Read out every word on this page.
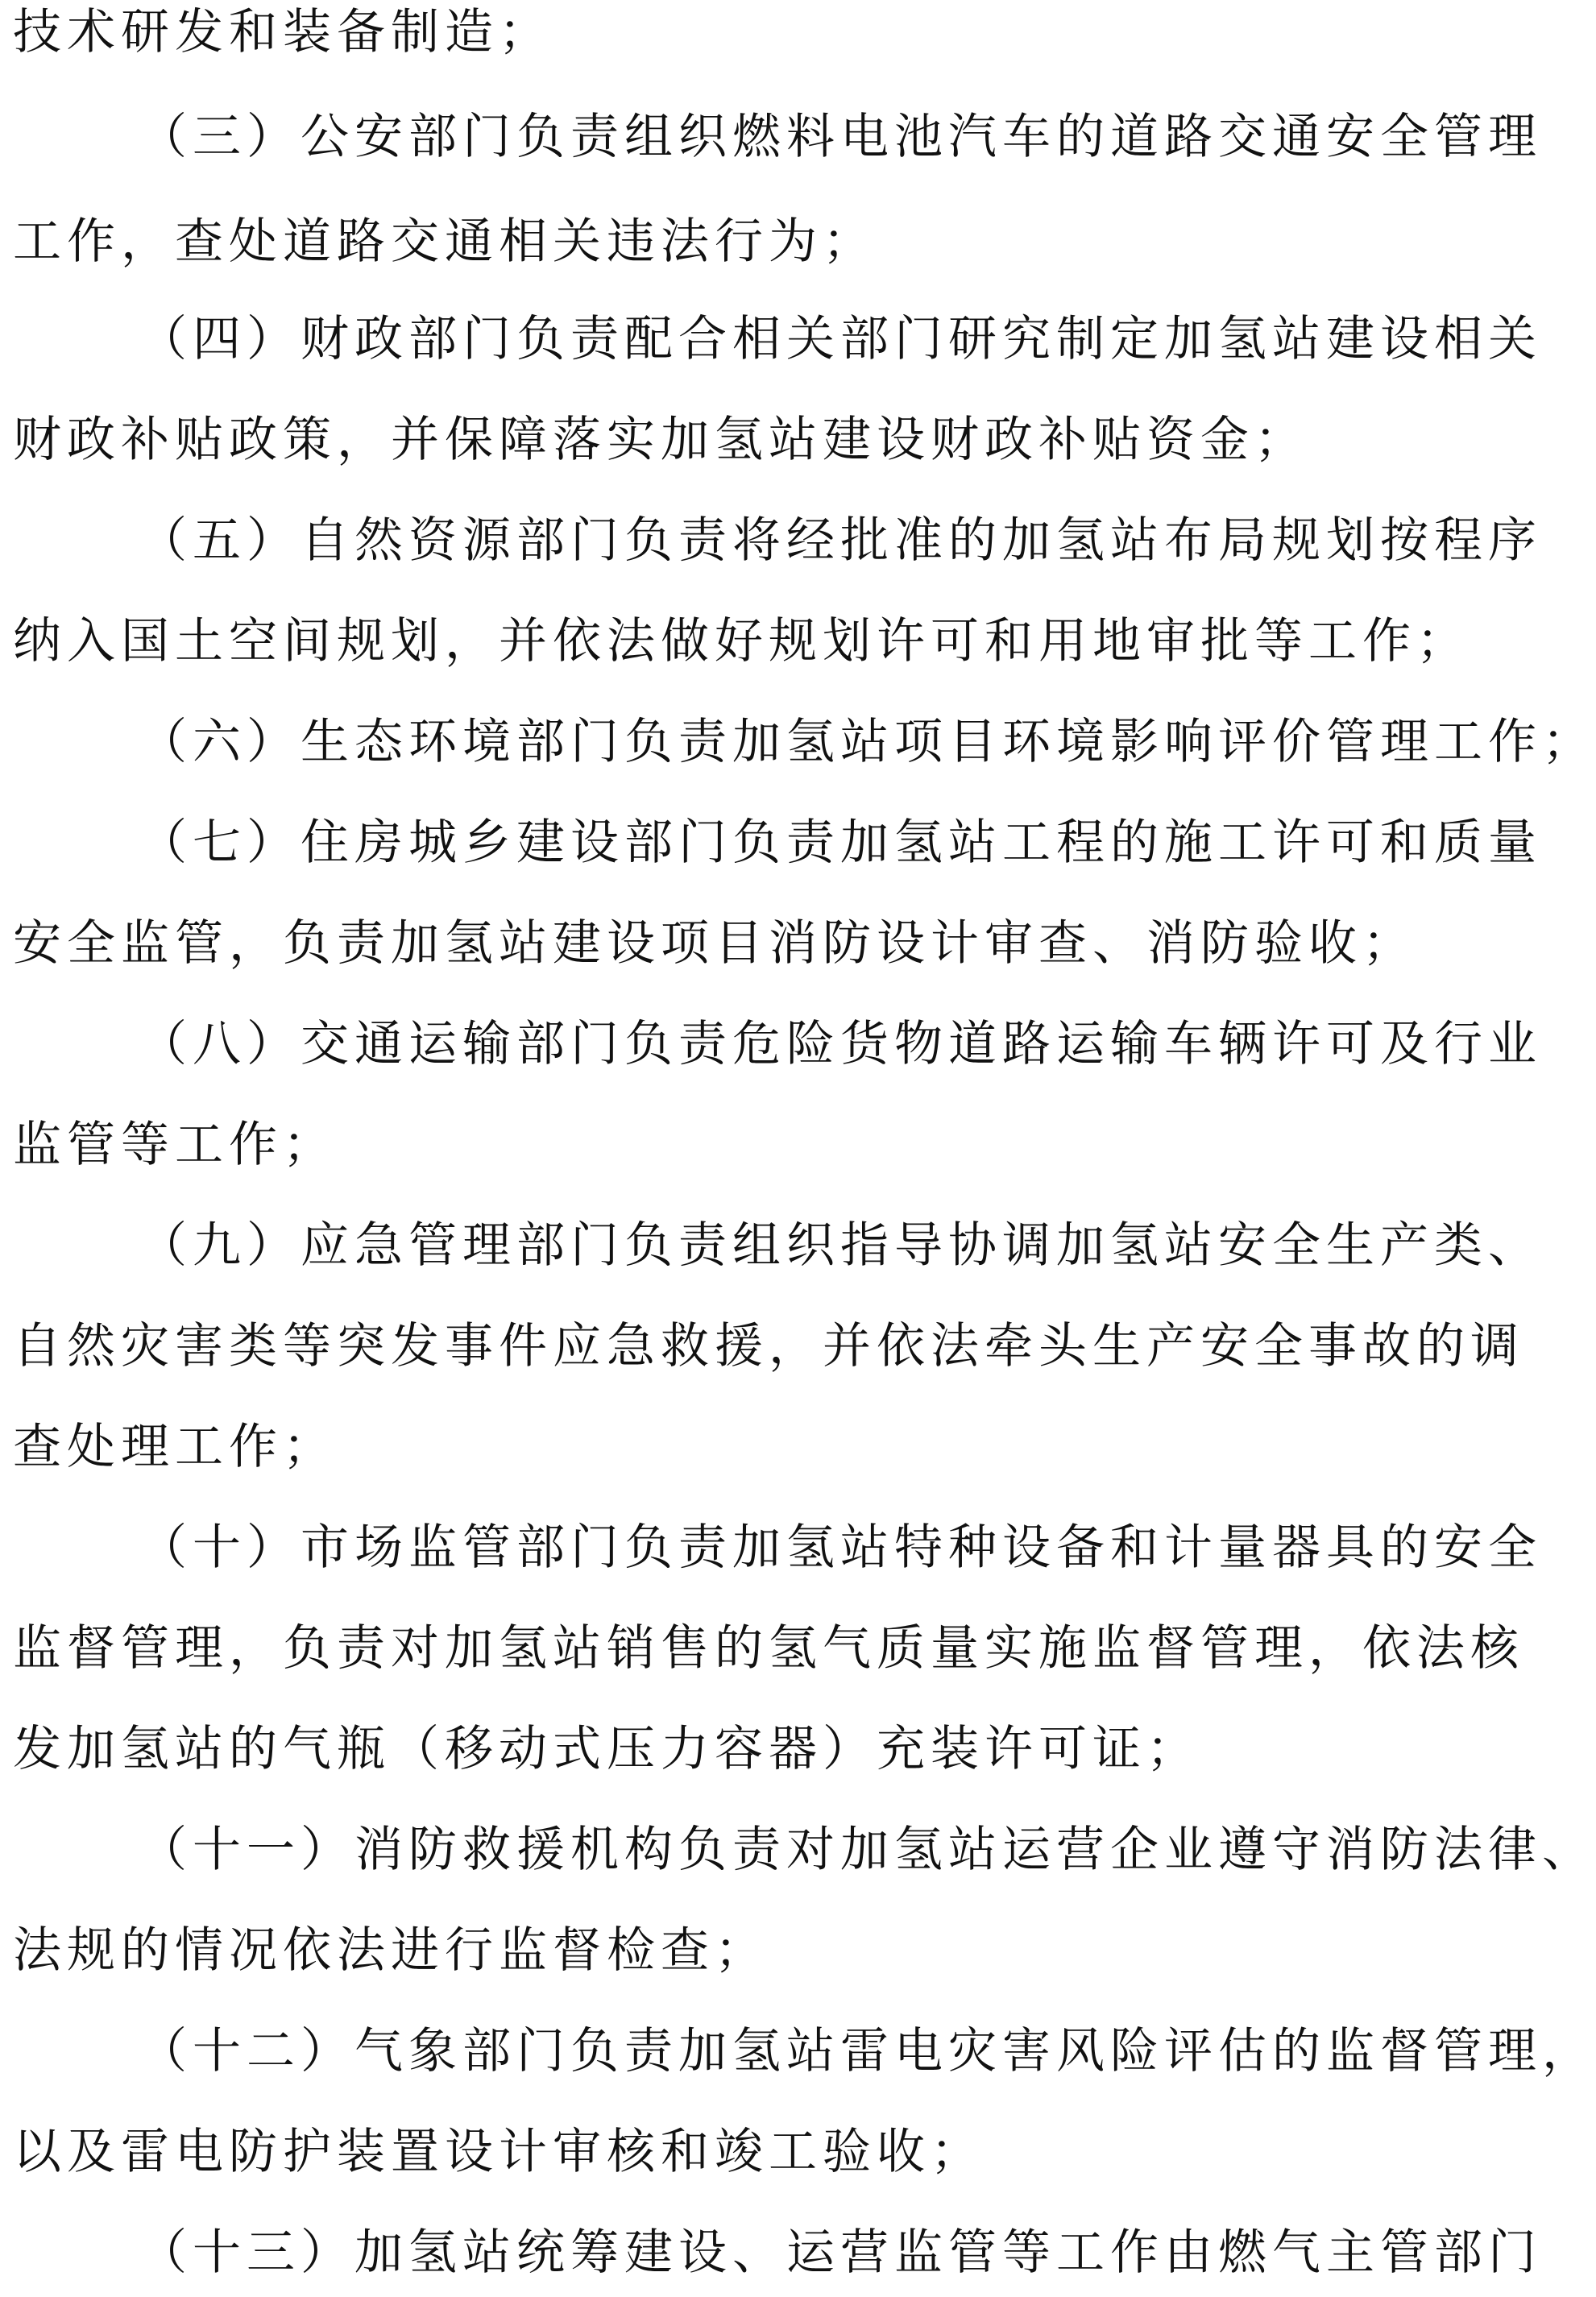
技术研发和装备制造；
（三）公安部门负责组织燃料电池汽车的道路交通安全管理
工作，查处道路交通相关违法行为；
（四）财政部门负责配合相关部门研究制定加氢站建设相关
财政补贴政策，并保障落实加氢站建设财政补贴资金；
（五）自然资源部门负责将经批准的加氢站布局规划按程序
纳入国土空间规划，并依法做好规划许可和用地审批等工作；
（六）生态环境部门负责加氢站项目环境影响评价管理工作；
（七）住房城乡建设部门负责加氢站工程的施工许可和质量
安全监管，负责加氢站建设项目消防设计审查、消防验收；
（八）交通运输部门负责危险货物道路运输车辆许可及行业
监管等工作；
（九）应急管理部门负责组织指导协调加氢站安全生产类、
自然灾害类等突发事件应急救援，并依法牵头生产安全事故的调
查处理工作；
（十）市场监管部门负责加氢站特种设备和计量器具的安全
监督管理，负责对加氢站销售的氢气质量实施监督管理，依法核
发加氢站的气瓶（移动式压力容器）充装许可证；
（十一）消防救援机构负责对加氢站运营企业遵守消防法律、
法规的情况依法进行监督检查；
（十二）气象部门负责加氢站雷电灾害风险评估的监督管理，
以及雷电防护装置设计审核和竣工验收；
（十三）加氢站统筹建设、运营监管等工作由燃气主管部门
